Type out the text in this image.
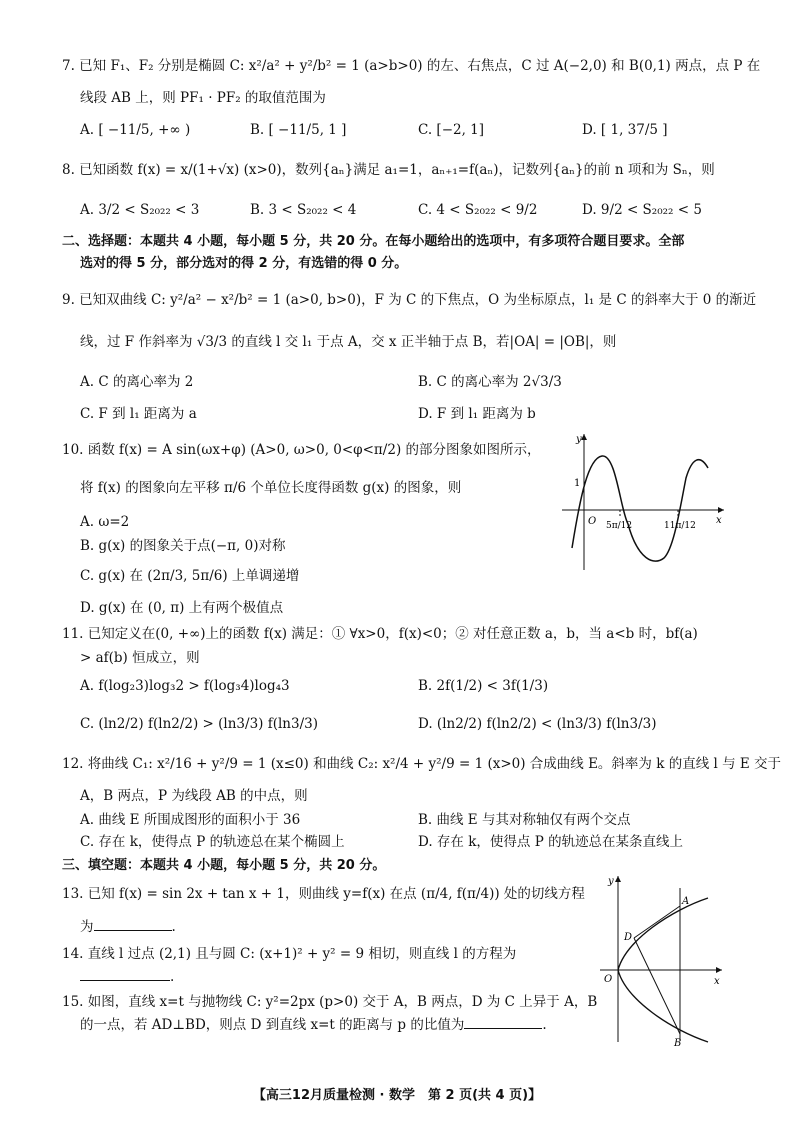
7. 已知 F₁、F₂ 分别是椭圆 C: x²/a² + y²/b² = 1 (a>b>0) 的左、右焦点，C 过 A(−2,0) 和 B(0,1) 两点，点 P 在
线段 AB 上，则 PF₁ · PF₂ 的取值范围为
A. [ −11/5, +∞ )	B. [ −11/5, 1 ]	C. [−2, 1]	D. [ 1, 37/5 ]
8. 已知函数 f(x) = x/(1+√x) (x>0)，数列{aₙ}满足 a₁=1，aₙ₊₁=f(aₙ)，记数列{aₙ}的前 n 项和为 Sₙ，则
A. 3/2 < S₂₀₂₂ < 3	B. 3 < S₂₀₂₂ < 4	C. 4 < S₂₀₂₂ < 9/2	D. 9/2 < S₂₀₂₂ < 5
二、选择题：本题共 4 小题，每小题 5 分，共 20 分。在每小题给出的选项中，有多项符合题目要求。全部
选对的得 5 分，部分选对的得 2 分，有选错的得 0 分。
9. 已知双曲线 C: y²/a² − x²/b² = 1 (a>0, b>0)，F 为 C 的下焦点，O 为坐标原点，l₁ 是 C 的斜率大于 0 的渐近
线，过 F 作斜率为 √3/3 的直线 l 交 l₁ 于点 A，交 x 正半轴于点 B，若|OA| = |OB|，则
A. C 的离心率为 2	B. C 的离心率为 2√3/3
C. F 到 l₁ 距离为 a	D. F 到 l₁ 距离为 b
10. 函数 f(x) = A sin(ωx+φ) (A>0, ω>0, 0<φ<π/2) 的部分图象如图所示，
将 f(x) 的图象向左平移 π/6 个单位长度得函数 g(x) 的图象，则
A. ω=2
B. g(x) 的图象关于点(−π, 0)对称
C. g(x) 在 (2π/3, 5π/6) 上单调递增
D. g(x) 在 (0, π) 上有两个极值点
y
x
O
1
5π/12	11π/12
11. 已知定义在(0, +∞)上的函数 f(x) 满足：① ∀x>0，f(x)<0；② 对任意正数 a，b，当 a<b 时，bf(a)
> af(b) 恒成立，则
A. f(log₂3)log₃2 > f(log₃4)log₄3	B. 2f(1/2) < 3f(1/3)
C. (ln2/2) f(ln2/2) > (ln3/3) f(ln3/3)	D. (ln2/2) f(ln2/2) < (ln3/3) f(ln3/3)
12. 将曲线 C₁: x²/16 + y²/9 = 1 (x≤0) 和曲线 C₂: x²/4 + y²/9 = 1 (x>0) 合成曲线 E。斜率为 k 的直线 l 与 E 交于
A，B 两点，P 为线段 AB 的中点，则
A. 曲线 E 所围成图形的面积小于 36	B. 曲线 E 与其对称轴仅有两个交点
C. 存在 k，使得点 P 的轨迹总在某个椭圆上	D. 存在 k，使得点 P 的轨迹总在某条直线上
三、填空题：本题共 4 小题，每小题 5 分，共 20 分。
13. 已知 f(x) = sin 2x + tan x + 1，则曲线 y=f(x) 在点 (π/4, f(π/4)) 处的切线方程
为	.
14. 直线 l 过点 (2,1) 且与圆 C: (x+1)² + y² = 9 相切，则直线 l 的方程为
.
15. 如图，直线 x=t 与抛物线 C: y²=2px (p>0) 交于 A，B 两点，D 为 C 上异于 A，B
的一点，若 AD⊥BD，则点 D 到直线 x=t 的距离与 p 的比值为	.
y
x
O
A
B
D
【高三12月质量检测 · 数学　第 2 页(共 4 页)】
